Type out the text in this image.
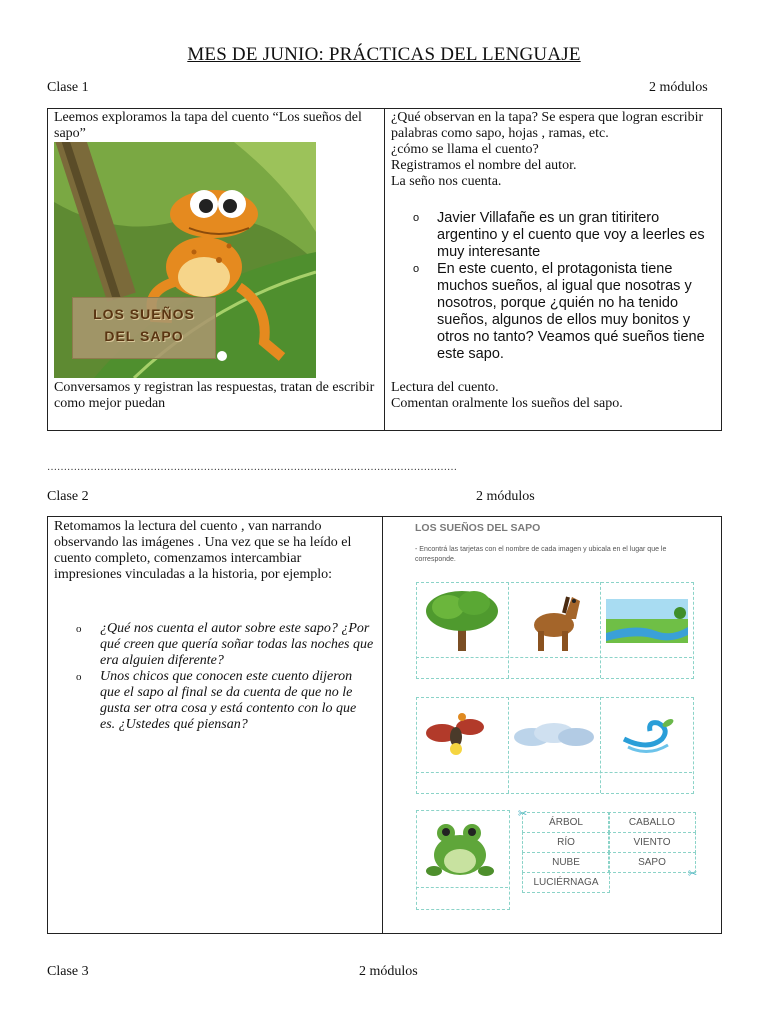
MES DE JUNIO: PRÁCTICAS DEL LENGUAJE
Clase 1	2 módulos
Leemos exploramos la tapa del cuento “Los sueños del sapo”
LOS SUEÑOS
DEL SAPO
Conversamos y registran las respuestas, tratan de escribir como mejor puedan
¿Qué observan en la tapa? Se espera que logran escribir palabras como sapo, hojas , ramas, etc.
¿cómo se llama el cuento?
Registramos el nombre del autor.
La seño nos cuenta.
o Javier Villafañe es un gran titiritero argentino y el cuento que voy a leerles es muy interesante
o En este cuento, el protagonista tiene muchos sueños, al igual que nosotras y nosotros, porque ¿quién no ha tenido sueños, algunos de ellos muy bonitos y otros no tanto? Veamos qué sueños tiene este sapo.
Lectura del cuento.
Comentan oralmente los sueños del sapo.
……………………………………………………………………………………………………………
Clase 2	2 módulos
Retomamos la lectura del cuento , van narrando observando las imágenes . Una vez que se ha leído el cuento completo, comenzamos intercambiar impresiones vinculadas a la historia, por ejemplo:
o ¿Qué nos cuenta el autor sobre este sapo? ¿Por qué creen que quería soñar todas las noches que era alguien diferente?
o Unos chicos que conocen este cuento dijeron que el sapo al final se da cuenta de que no le gusta ser otra cosa y está contento con lo que es. ¿Ustedes qué piensan?
LOS SUEÑOS DEL SAPO
- Encontrá las tarjetas con el nombre de cada imagen y ubicala en el lugar que le corresponde.
✂
✂
ÁRBOL	CABALLO
RÍO	VIENTO
NUBE	SAPO
LUCIÉRNAGA
Clase 3	2 módulos
